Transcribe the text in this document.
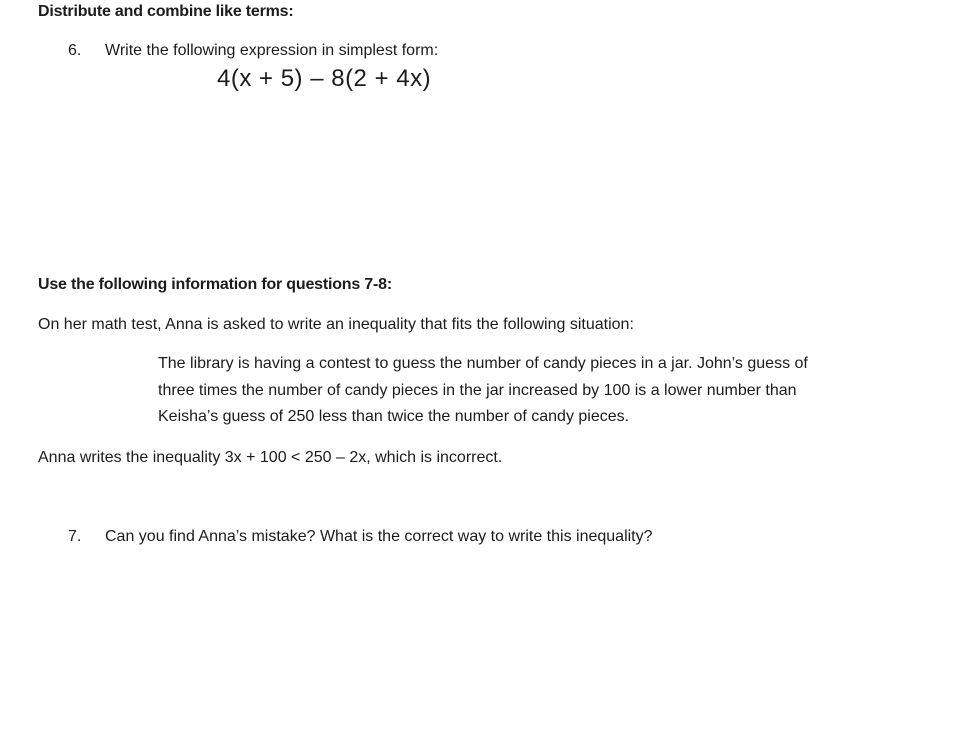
Distribute and combine like terms:
6.	Write the following expression in simplest form:
4(x + 5) – 8(2 + 4x)
Use the following information for questions 7-8:
On her math test, Anna is asked to write an inequality that fits the following situation:
The library is having a contest to guess the number of candy pieces in a jar. John’s guess of
three times the number of candy pieces in the jar increased by 100 is a lower number than
Keisha’s guess of 250 less than twice the number of candy pieces.
Anna writes the inequality 3x + 100 < 250 – 2x, which is incorrect.
7.	Can you find Anna’s mistake? What is the correct way to write this inequality?
